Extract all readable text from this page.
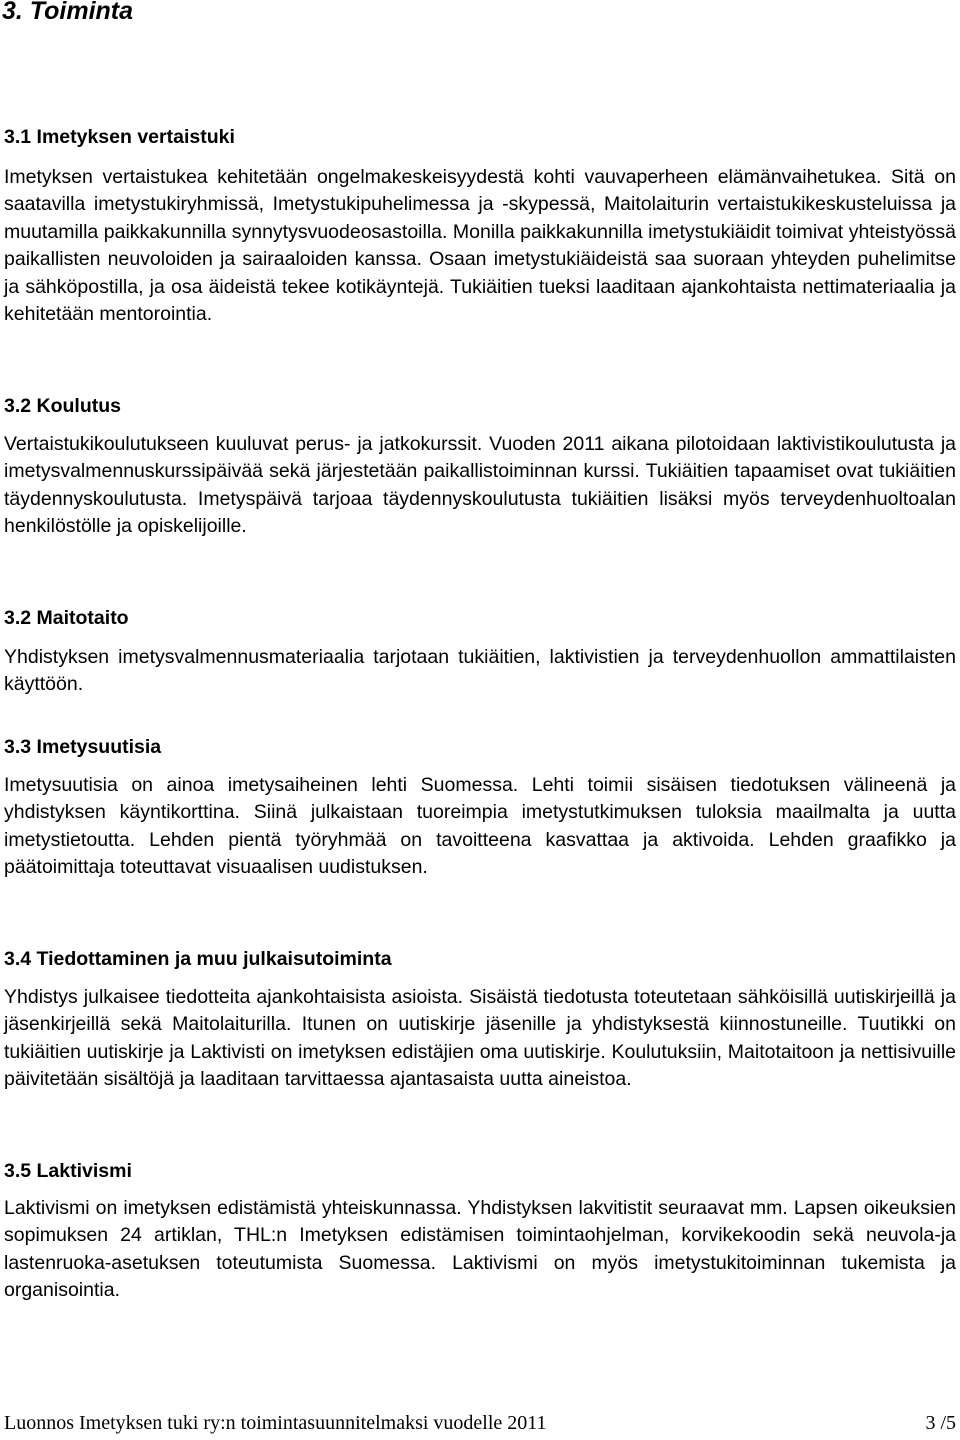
3. Toiminta
3.1 Imetyksen vertaistuki

Imetyksen vertaistukea kehitetään ongelmakeskeisyydestä kohti vauvaperheen elämänvaihetukea. Sitä on saatavilla imetystukiryhmissä, Imetystukipuhelimessa ja -skypessä, Maitolaiturin vertaistukikeskusteluissa ja muutamilla paikkakunnilla synnytysvuodeosastoilla. Monilla paikkakunnilla imetystukiäidit toimivat yhteistyössä paikallisten neuvoloiden ja sairaaloiden kanssa. Osaan imetystukiäideistä saa suoraan yhteyden puhelimitse ja sähköpostilla, ja osa äideistä tekee kotikäyntejä. Tukiäitien tueksi laaditaan ajankohtaista nettimateriaalia ja kehitetään mentorointia.

3.2 Koulutus

Vertaistukikoulutukseen kuuluvat perus- ja jatkokurssit. Vuoden 2011 aikana pilotoidaan laktivistikoulutusta ja imetysvalmennuskurssipäivää sekä järjestetään paikallistoiminnan kurssi. Tukiäitien tapaamiset ovat tukiäitien täydennyskoulutusta. Imetyspäivä tarjoaa täydennyskoulutusta tukiäitien lisäksi myös terveydenhuoltoalan henkilöstölle ja opiskelijoille.

3.2 Maitotaito

Yhdistyksen imetysvalmennusmateriaalia tarjotaan tukiäitien, laktivistien ja terveydenhuollon ammattilaisten käyttöön.

3.3 Imetysuutisia

Imetysuutisia on ainoa imetysaiheinen lehti Suomessa. Lehti toimii sisäisen tiedotuksen välineenä ja yhdistyksen käyntikorttina. Siinä julkaistaan tuoreimpia imetystutkimuksen tuloksia maailmalta ja uutta imetystietoutta. Lehden pientä työryhmää on tavoitteena kasvattaa ja aktivoida. Lehden graafikko ja päätoimittaja toteuttavat visuaalisen uudistuksen.

3.4 Tiedottaminen ja muu julkaisutoiminta

Yhdistys julkaisee tiedotteita ajankohtaisista asioista. Sisäistä tiedotusta toteutetaan sähköisillä uutiskirjeillä ja jäsenkirjeillä sekä Maitolaiturilla. Itunen on uutiskirje jäsenille ja yhdistyksestä kiinnostuneille. Tuutikki on tukiäitien uutiskirje ja Laktivisti on imetyksen edistäjien oma uutiskirje. Koulutuksiin, Maitotaitoon ja nettisivuille päivitetään sisältöjä ja laaditaan tarvittaessa ajantasaista uutta aineistoa.

3.5 Laktivismi

Laktivismi on imetyksen edistämistä yhteiskunnassa. Yhdistyksen lakvitistit seuraavat mm. Lapsen oikeuksien sopimuksen 24 artiklan, THL:n Imetyksen edistämisen toimintaohjelman, korvikekoodin sekä neuvola-ja lastenruoka-asetuksen toteutumista Suomessa. Laktivismi on myös imetystukitoiminnan tukemista ja organisointia.

Luonnos Imetyksen tuki ry:n toimintasuunnitelmaksi vuodelle 2011	3 /5
